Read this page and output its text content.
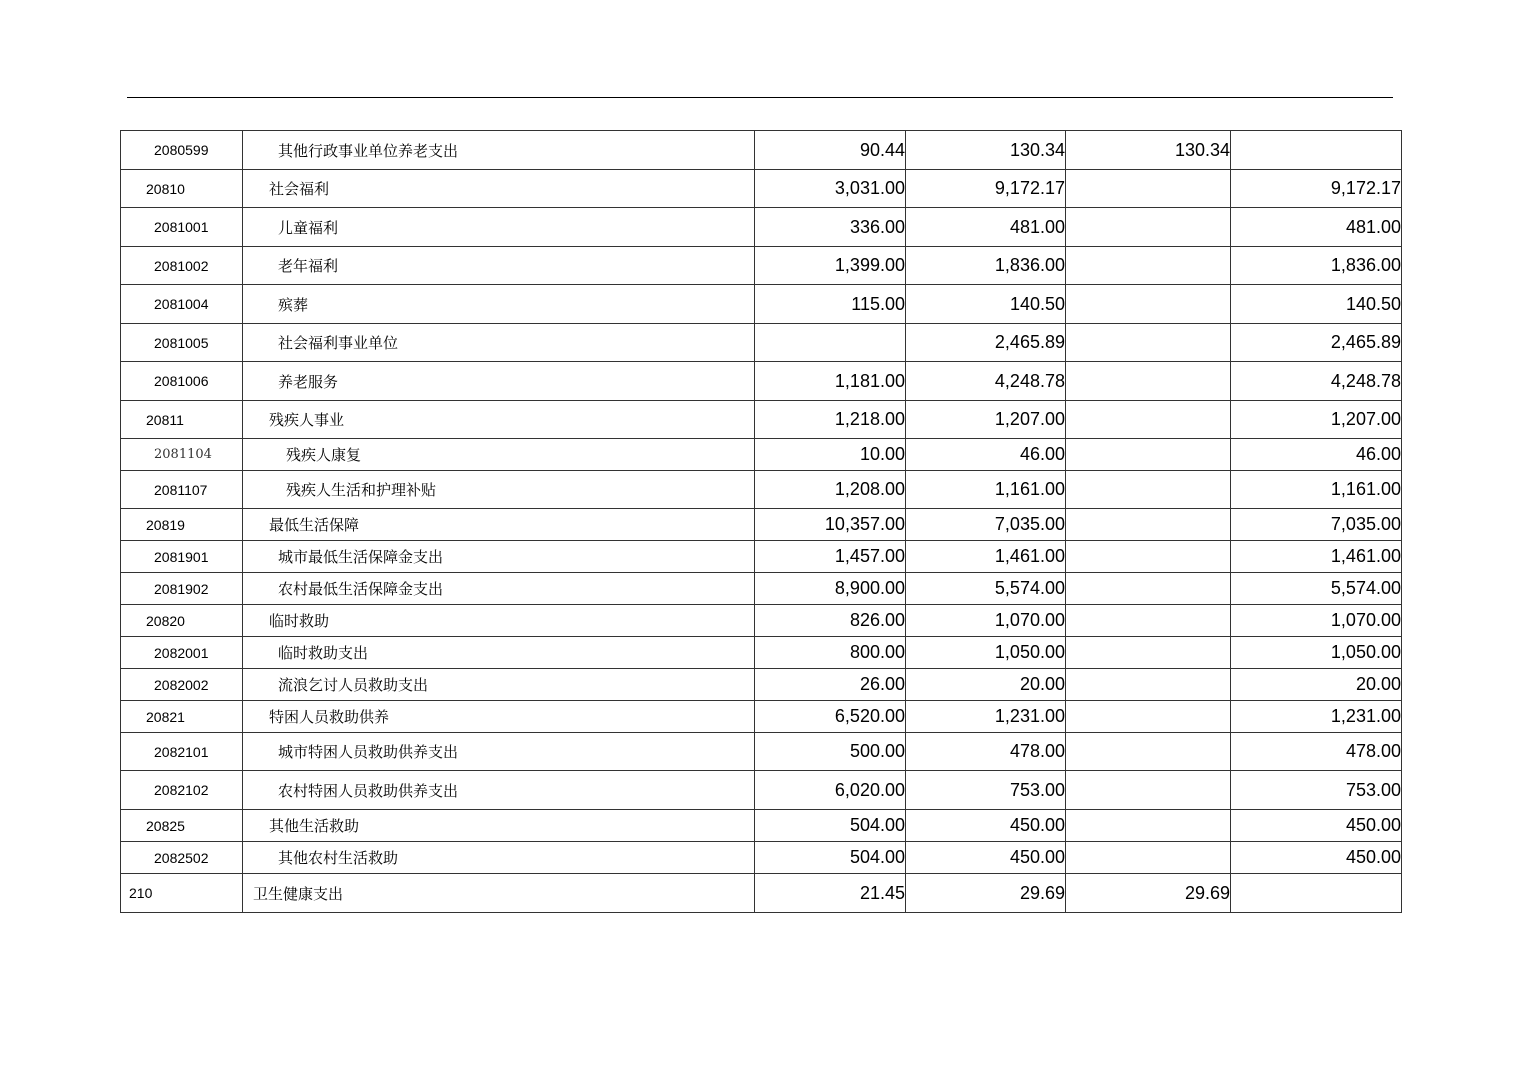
2080599	其他行政事业单位养老支出	90.44	130.34	130.34	
20810	社会福利	3,031.00	9,172.17		9,172.17
2081001	儿童福利	336.00	481.00		481.00
2081002	老年福利	1,399.00	1,836.00		1,836.00
2081004	殡葬	115.00	140.50		140.50
2081005	社会福利事业单位		2,465.89		2,465.89
2081006	养老服务	1,181.00	4,248.78		4,248.78
20811	残疾人事业	1,218.00	1,207.00		1,207.00
2081104	残疾人康复	10.00	46.00		46.00
2081107	残疾人生活和护理补贴	1,208.00	1,161.00		1,161.00
20819	最低生活保障	10,357.00	7,035.00		7,035.00
2081901	城市最低生活保障金支出	1,457.00	1,461.00		1,461.00
2081902	农村最低生活保障金支出	8,900.00	5,574.00		5,574.00
20820	临时救助	826.00	1,070.00		1,070.00
2082001	临时救助支出	800.00	1,050.00		1,050.00
2082002	流浪乞讨人员救助支出	26.00	20.00		20.00
20821	特困人员救助供养	6,520.00	1,231.00		1,231.00
2082101	城市特困人员救助供养支出	500.00	478.00		478.00
2082102	农村特困人员救助供养支出	6,020.00	753.00		753.00
20825	其他生活救助	504.00	450.00		450.00
2082502	其他农村生活救助	504.00	450.00		450.00
210	卫生健康支出	21.45	29.69	29.69	
